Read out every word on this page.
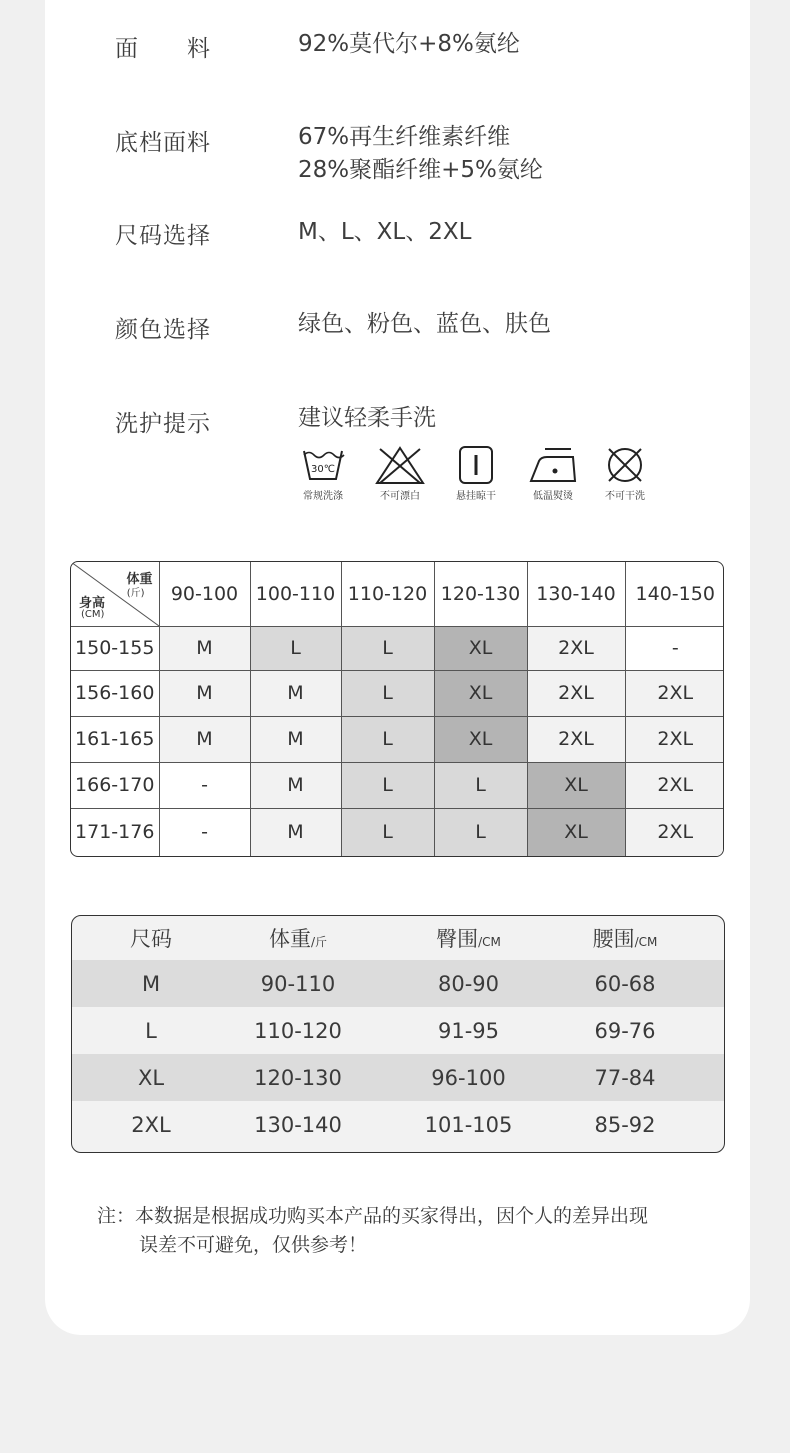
面　　料	92%莫代尔+8%氨纶
底档面料	67%再生纤维素纤维
28%聚酯纤维+5%氨纶
尺码选择	M、L、XL、2XL
颜色选择	绿色、粉色、蓝色、肤色
洗护提示	建议轻柔手洗
30℃
常规洗涤	不可漂白	悬挂晾干	低温熨烫	不可干洗
体重
(斤)
身高
(CM)	90-100	100-110	110-120	120-130	130-140	140-150
150-155	M	L	L	XL	2XL	-
156-160	M	M	L	XL	2XL	2XL
161-165	M	M	L	XL	2XL	2XL
166-170	-	M	L	L	XL	2XL
171-176	-	M	L	L	XL	2XL
尺码	体重/斤	臀围/CM	腰围/CM
M	90-110	80-90	60-68
L	110-120	91-95	69-76
XL	120-130	96-100	77-84
2XL	130-140	101-105	85-92
注：本数据是根据成功购买本产品的买家得出，因个人的差异出现
误差不可避免，仅供参考！
